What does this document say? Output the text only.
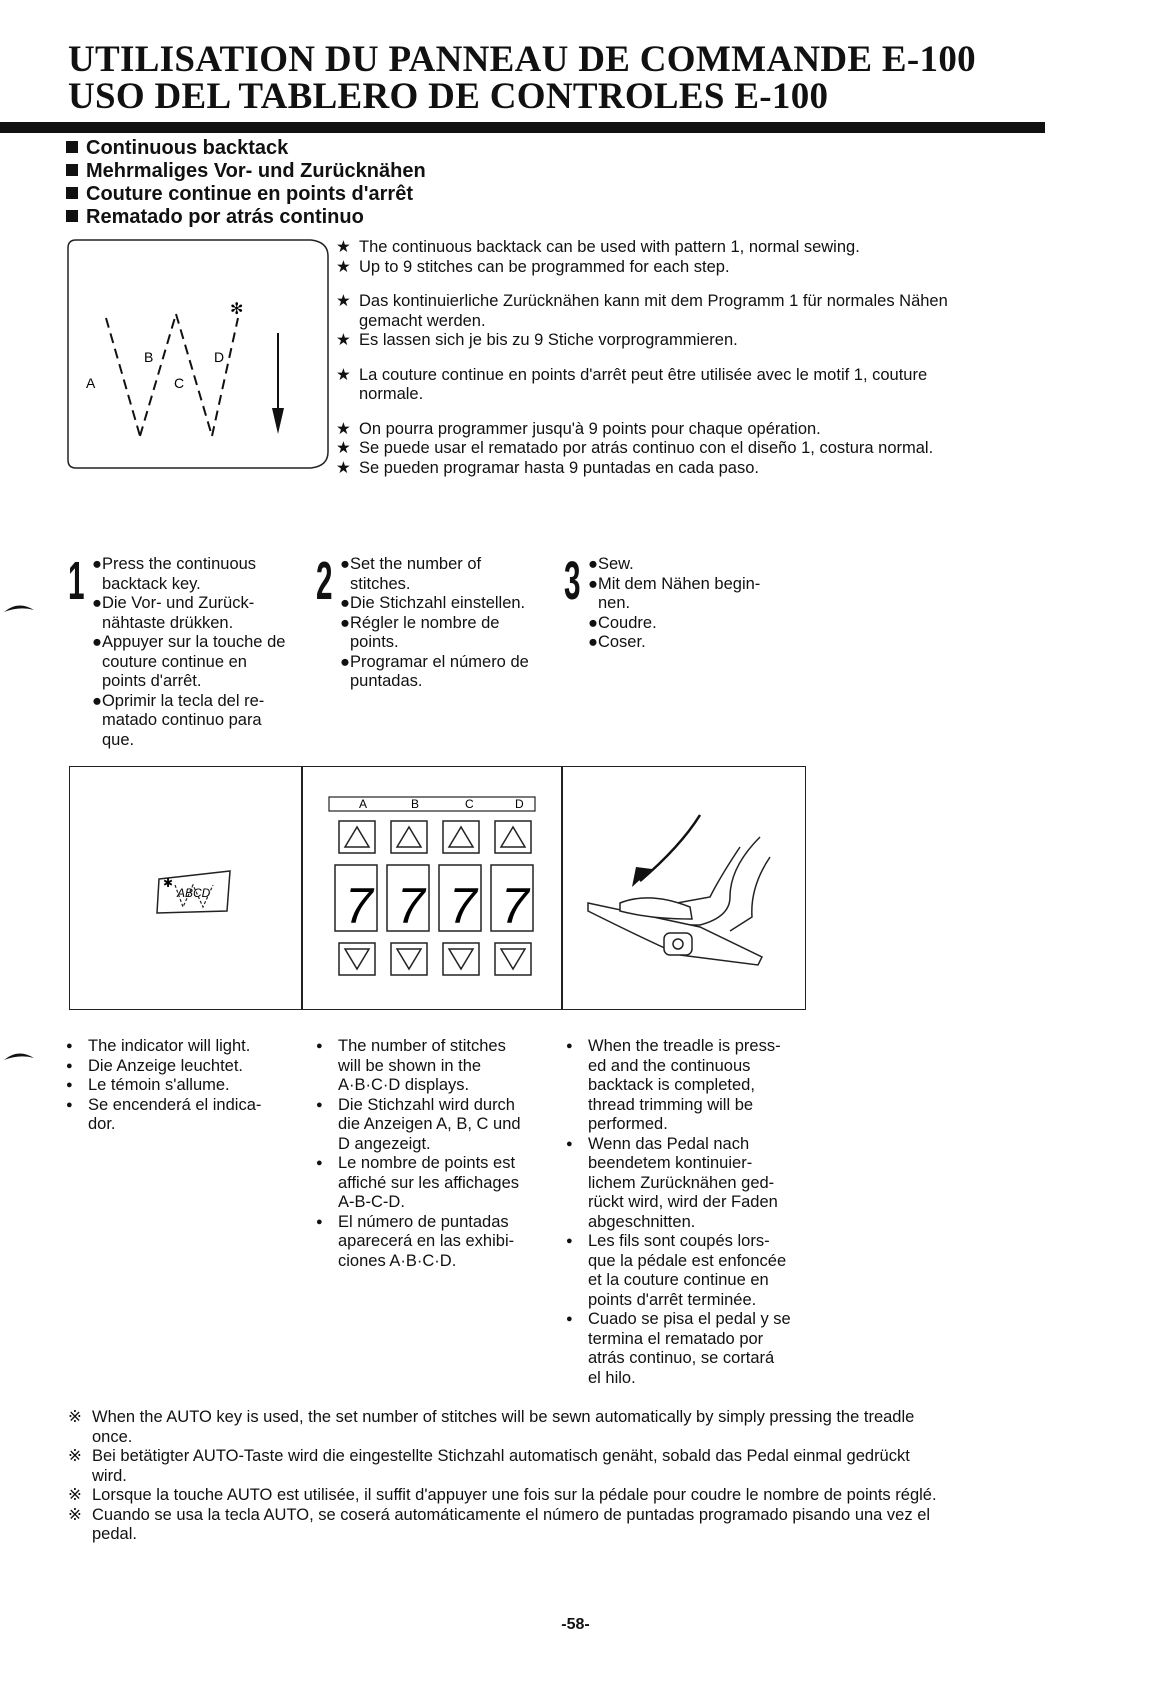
UTILISATION DU PANNEAU DE COMMANDE E-100
USO DEL TABLERO DE CONTROLES E-100
Continuous backtack
Mehrmaliges Vor- und Zurücknähen
Couture continue en points d'arrêt
Rematado por atrás continuo
A
B
C
D
✻
★ The continuous backtack can be used with pattern 1, normal sewing.
★ Up to 9 stitches can be programmed for each step.
★ Das kontinuierliche Zurücknähen kann mit dem Programm 1 für normales Nähen
gemacht werden.
★ Es lassen sich je bis zu 9 Stiche vorprogrammieren.
★ La couture continue en points d'arrêt peut être utilisée avec le motif 1, couture
normale.
★ On pourra programmer jusqu'à 9 points pour chaque opération.
★ Se puede usar el rematado por atrás continuo con el diseño 1, costura normal.
★ Se pueden programar hasta 9 puntadas en cada paso.
1 ●Press the continuous
backtack key.
●Die Vor- und Zurück-
nähtaste drükken.
●Appuyer sur la touche de
couture continue en
points d'arrêt.
●Oprimir la tecla del re-
matado continuo para
que.
2 ●Set the number of
stitches.
●Die Stichzahl einstellen.
●Régler le nombre de
points.
●Programar el número de
puntadas.
3 ●Sew.
●Mit dem Nähen begin-
nen.
●Coudre.
●Coser.
✱
ABCD
A	B	C	D
7 7 7 7
● The indicator will light.
● Die Anzeige leuchtet.
● Le témoin s'allume.
● Se encenderá el indica-
dor.
● The number of stitches
will be shown in the
A·B·C·D displays.
● Die Stichzahl wird durch
die Anzeigen A, B, C und
D angezeigt.
● Le nombre de points est
affiché sur les affichages
A-B-C-D.
● El número de puntadas
aparecerá en las exhibi-
ciones A·B·C·D.
● When the treadle is press-
ed and the continuous
backtack is completed,
thread trimming will be
performed.
● Wenn das Pedal nach
beendetem kontinuier-
lichem Zurücknähen ged-
rückt wird, wird der Faden
abgeschnitten.
● Les fils sont coupés lors-
que la pédale est enfoncée
et la couture continue en
points d'arrêt terminée.
● Cuado se pisa el pedal y se
termina el rematado por
atrás continuo, se cortará
el hilo.
※ When the AUTO key is used, the set number of stitches will be sewn automatically by simply pressing the treadle
once.
※ Bei betätigter AUTO-Taste wird die eingestellte Stichzahl automatisch genäht, sobald das Pedal einmal gedrückt
wird.
※ Lorsque la touche AUTO est utilisée, il suffit d'appuyer une fois sur la pédale pour coudre le nombre de points réglé.
※ Cuando se usa la tecla AUTO, se coserá automáticamente el número de puntadas programado pisando una vez el
pedal.
-58-
